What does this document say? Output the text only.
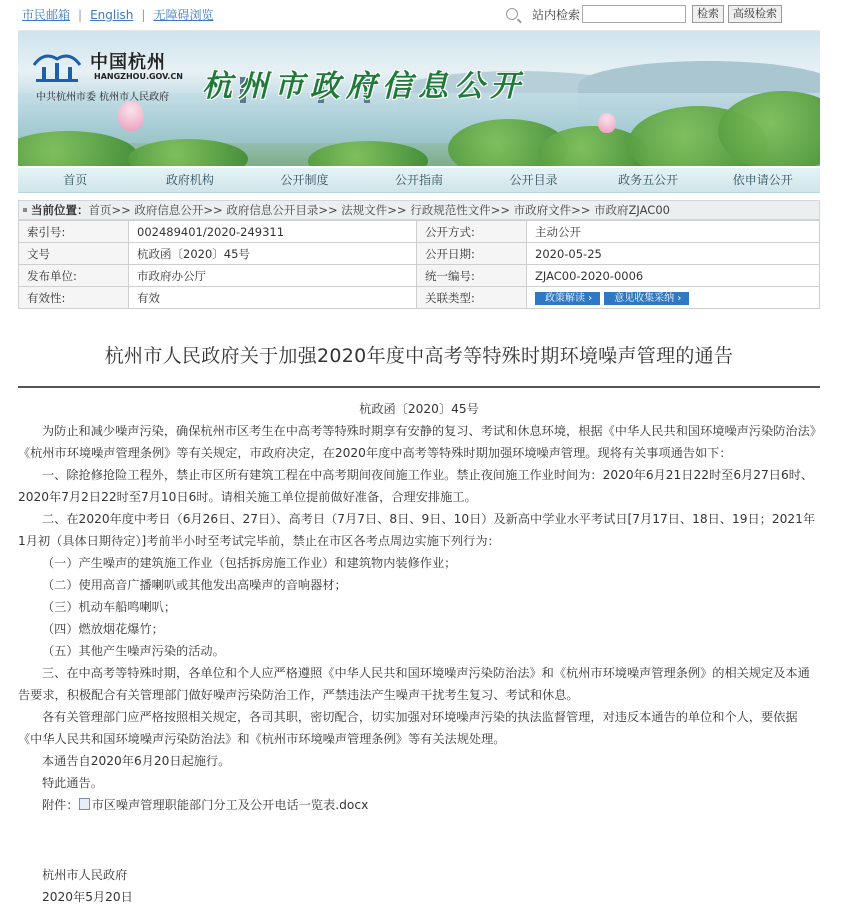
市民邮箱 | English | 无障碍浏览	站内检索	检索	高级检索
中国杭州
HANGZHOU.GOV.CN
中共杭州市委 杭州市人民政府 杭州市政府信息公开
首页	政府机构	公开制度	公开指南	公开目录	政务五公开	依申请公开
当前位置：首页>> 政府信息公开>> 政府信息公开目录>> 法规文件>> 行政规范性文件>> 市政府文件>> 市政府ZJAC00
索引号:	002489401/2020-249311	公开方式:	主动公开
文号	杭政函〔2020〕45号	公开日期:	2020-05-25
发布单位:	市政府办公厅	统一编号:	ZJAC00-2020-0006
有效性:	有效	关联类型:	政策解读 › 意见收集采纳 ›
杭州市人民政府关于加强2020年度中高考等特殊时期环境噪声管理的通告

杭政函〔2020〕45号

为防止和减少噪声污染，确保杭州市区考生在中高考等特殊时期享有安静的复习、考试和休息环境，根据《中华人民共和国环境噪声污染防治法》《杭州市环境噪声管理条例》等有关规定，市政府决定，在2020年度中高考等特殊时期加强环境噪声管理。现将有关事项通告如下：

一、除抢修抢险工程外，禁止市区所有建筑工程在中高考期间夜间施工作业。禁止夜间施工作业时间为：2020年6月21日22时至6月27日6时、2020年7月2日22时至7月10日6时。请相关施工单位提前做好准备，合理安排施工。

二、在2020年度中考日（6月26日、27日）、高考日（7月7日、8日、9日、10日）及新高中学业水平考试日[7月17日、18日、19日；2021年1月初（具体日期待定）]考前半小时至考试完毕前，禁止在市区各考点周边实施下列行为：

（一）产生噪声的建筑施工作业（包括拆房施工作业）和建筑物内装修作业；

（二）使用高音广播喇叭或其他发出高噪声的音响器材；

（三）机动车船鸣喇叭；

（四）燃放烟花爆竹；

（五）其他产生噪声污染的活动。

三、在中高考等特殊时期，各单位和个人应严格遵照《中华人民共和国环境噪声污染防治法》和《杭州市环境噪声管理条例》的相关规定及本通告要求，积极配合有关管理部门做好噪声污染防治工作，严禁违法产生噪声干扰考生复习、考试和休息。

各有关管理部门应严格按照相关规定，各司其职，密切配合，切实加强对环境噪声污染的执法监督管理，对违反本通告的单位和个人，要依据《中华人民共和国环境噪声污染防治法》和《杭州市环境噪声管理条例》等有关法规处理。

本通告自2020年6月20日起施行。

特此通告。

附件： 市区噪声管理职能部门分工及公开电话一览表.docx

杭州市人民政府

2020年5月20日
